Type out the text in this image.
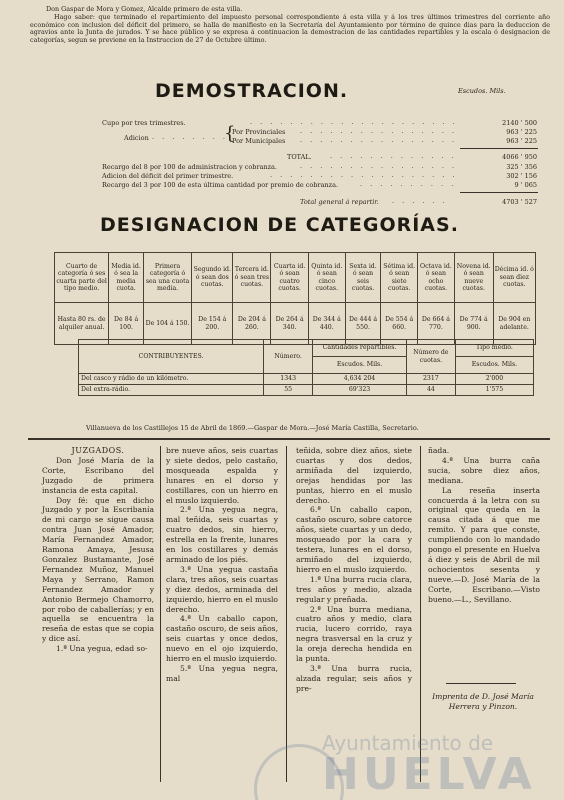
Don Gaspar de Mora y Gomez, Alcalde primero de esta villa.

Hago saber: que terminado el repartimiento del impuesto personal correspondiente á esta villa y á los tres últimos trimestres del corriente año económico con inclusion del déficit del primero, se halla de manifiesto en la Secretaría del Ayuntamiento por término de quince dias para la deduccion de agravios ante la Junta de jurados. Y se hace público y se expresa á continuacion la demostracion de las cantidades repartibles y la escala ó designacion de categorías, segun se previene en la Instruccion de 27 de Octubre último.

DEMOSTRACION.	Escudos. Mils.
Cupo por tres trimestres.	. . . . . . . . . . . . . . . . . . . . .	2140 ' 500
Adicion . . . . . . . .
{
Por Provinciales . . . . . . . . . . . . . . . .	963 ' 225
Por Municipales . . . . . . . . . . . . . . . .	963 ' 225
TOTAL.	. . . . . . . . . . . . .	4066 ' 950
Recargo del 8 por 100 de administracion y cobranza.	. . . . . . . . . . . . . . . .	325 ' 356
Adicion del déficit del primer trimestre.	. . . . . . . . . . . . . . . . . . .	302 ' 156
Recargo del 3 por 100 de esta última cantidad por premio de cobranza.	. . . . . . . . . .	9 ' 065
Total general á repartir. . . . . . .	4703 ' 527
DESIGNACION DE CATEGORÍAS.
Cuarto de categoría ó ses cuarta parte del tipo medio.	Media id. ó sea la media cuota.	Primera categoría ó sea una cuota media.	Segundo id. ó sean dos cuotas.	Tercera id. ó sean tres cuotas.	Cuarta id. ó sean cuatro cuotas.	Quinta id. ó sean cinco cuotas.	Sexta id. ó sean seis cuotas.	Sétima id. ó sean siete cuotas.	Octava id. ó sean ocho cuotas.	Novena id. ó sean nueve cuotas.	Décima id. ó sean diez cuotas.
Hasta 80 rs. de alquiler anual.	De 84 á 100.	De 104 á 150.	De 154 á 200.	De 204 á 260.	De 264 á 340.	De 344 á 440.	De 444 á 550.	De 554 á 660.	De 664 á 770.	De 774 á 900.	De 904 en adelante.
CONTRIBUYENTES.	Número.	Cantidades repartibles.	Número de cuotas.	Tipo medio.
		Escudos. Mils.		Escudos. Mils.
Del casco y rádio de un kilómetro.	1343	4,634 204	2317	2'000
Del extra-rádio.	55	69'323	44	1'575
Villanueva de los Castillejos 15 de Abril de 1869.—Gaspar de Mora.—José María Castilla, Secretario.

JUZGADOS.

Don José María de la Corte, Escribano del Juzgado de primera instancia de esta capital.

Doy fé: que en dicho Juzgado y por la Escribanía de mi cargo se sigue causa contra Juan José Amador, María Fernandez Amador, Ramona Amaya, Jesusa Gonzalez Bustamante, José Fernandez Muñoz, Manuel Maya y Serrano, Ramon Fernandez Amador y Antonio Bermejo Chamorro, por robo de caballerías; y en aquella se encuentra la reseña de estas que se copia y dice así.

1.ª Una yegua, edad so-

bre nueve años, seis cuartas y siete dedos, pelo castaño, mosqueada espalda y lunares en el dorso y costillares, con un hierro en el muslo izquierdo.

2.ª Una yegua negra, mal teñida, seis cuartas y cuatro dedos, sin hierro, estrella en la frente, lunares en los costillares y demás arminado de los piés.

3.ª Una yegua castaña clara, tres años, seis cuartas y diez dedos, arminada del izquierdo, hierro en el muslo derecho.

4.ª Un caballo capon, castaño oscuro, de seis años, seis cuartas y once dedos, nuevo en el ojo izquierdo, hierro en el muslo izquierdo.

5.ª Una yegua negra, mal

teñida, sobre diez años, siete cuartas y dos dedos, armiñada del izquierdo, orejas hendidas por las puntas, hierro en el muslo derecho.

6.ª Un caballo capon, castaño oscuro, sobre catorce años, siete cuartas y un dedo, mosqueado por la cara y testera, lunares en el dorso, armiñado del izquierdo, hierro en el muslo izquierdo.

1.ª Una burra rucia clara, tres años y medio, alzada regular y preñada.

2.ª Una burra mediana, cuatro años y medio, clara rucia, lucero corrido, raya negra trasversal en la cruz y la oreja derecha hendida en la punta.

3.ª Una burra rucia, alzada regular, seis años y pre-

ñada.

4.ª Una burra caña sucia, sobre diez años, mediana.

La reseña inserta concuerda á la letra con su original que queda en la causa citada á que me remito. Y para que conste, cumpliendo con lo mandado pongo el presente en Huelva á diez y seis de Abril de mil ochocientos sesenta y nueve.—D. José María de la Corte, Escribano.—Visto bueno.—L., Sevillano.

Imprenta de D. José María Herrera y Pinzon.
Ayuntamiento de
HUELVA
